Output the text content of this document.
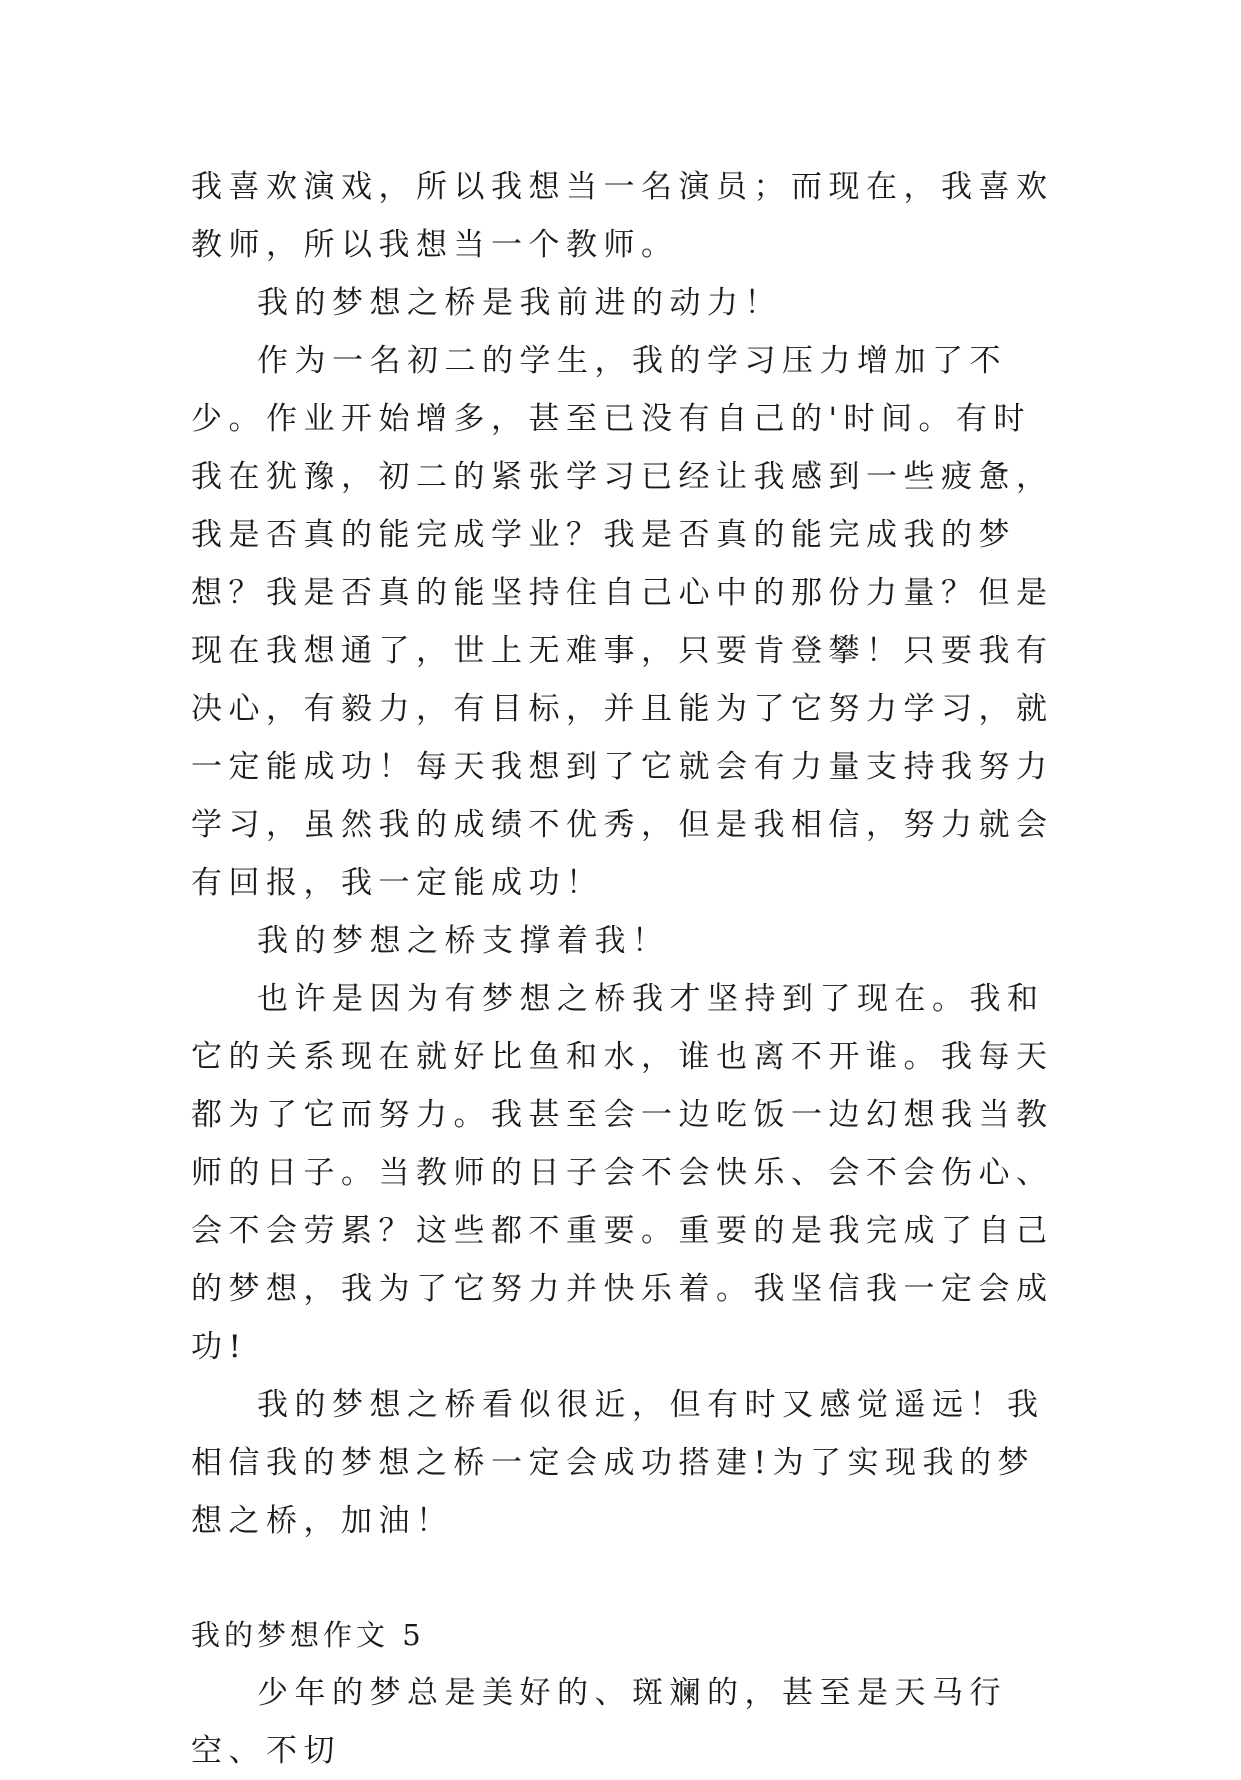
我喜欢演戏，所以我想当一名演员；而现在，我喜欢教师，所以我想当一个教师。

我的梦想之桥是我前进的动力！

作为一名初二的学生，我的学习压力增加了不少。作业开始增多，甚至已没有自己的'时间。有时我在犹豫，初二的紧张学习已经让我感到一些疲惫，我是否真的能完成学业？我是否真的能完成我的梦想？我是否真的能坚持住自己心中的那份力量？但是现在我想通了，世上无难事，只要肯登攀！只要我有决心，有毅力，有目标，并且能为了它努力学习，就一定能成功！每天我想到了它就会有力量支持我努力学习，虽然我的成绩不优秀，但是我相信，努力就会有回报，我一定能成功！

我的梦想之桥支撑着我！

也许是因为有梦想之桥我才坚持到了现在。我和它的关系现在就好比鱼和水，谁也离不开谁。我每天都为了它而努力。我甚至会一边吃饭一边幻想我当教师的日子。当教师的日子会不会快乐、会不会伤心、会不会劳累？这些都不重要。重要的是我完成了自己的梦想，我为了它努力并快乐着。我坚信我一定会成功!

我的梦想之桥看似很近，但有时又感觉遥远！我相信我的梦想之桥一定会成功搭建!为了实现我的梦想之桥，加油！

我的梦想作文 5

少年的梦总是美好的、斑斓的，甚至是天马行空、不切
